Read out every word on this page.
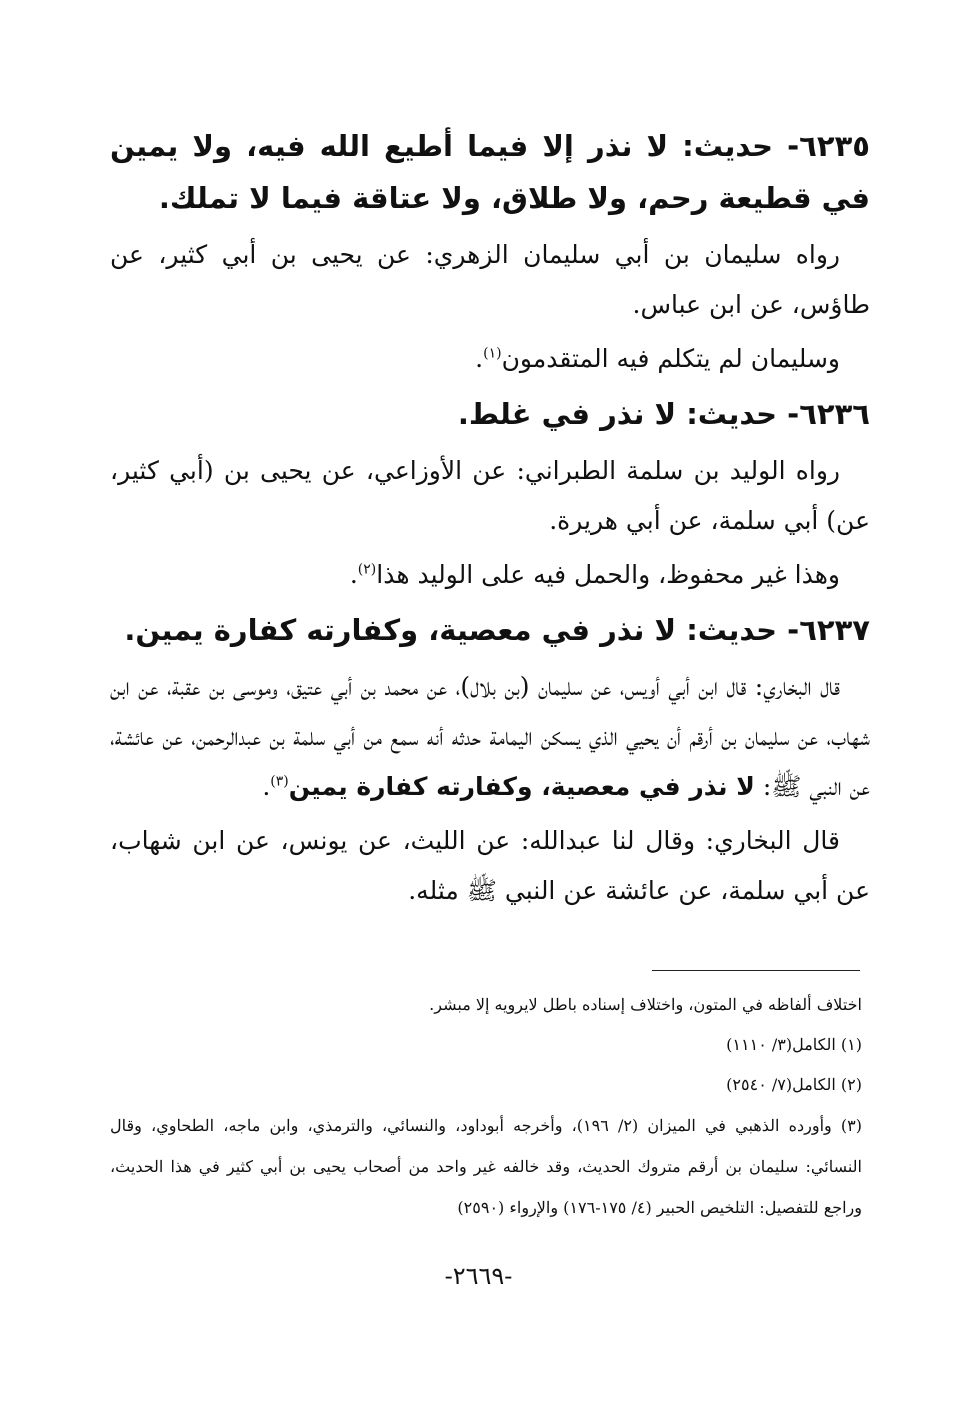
٦٢٣٥- حديث: لا نذر إلا فيما أطيع الله فيه، ولا يمين في قطيعة رحم، ولا طلاق، ولا عتاقة فيما لا تملك.

رواه سليمان بن أبي سليمان الزهري: عن يحيى بن أبي كثير، عن طاؤس، عن ابن عباس.

وسليمان لم يتكلم فيه المتقدمون$^{(١)}$.

٦٢٣٦- حديث: لا نذر في غلط.

رواه الوليد بن سلمة الطبراني: عن الأوزاعي، عن يحيى بن (أبي كثير، عن) أبي سلمة، عن أبي هريرة.

وهذا غير محفوظ، والحمل فيه على الوليد هذا$^{(٢)}$.

٦٢٣٧- حديث: لا نذر في معصية، وكفارته كفارة يمين.

قال البخاري: قال ابن أبي أويس، عن سليمان (بن بلال)، عن محمد بن أبي عتيق، وموسى بن عقبة، عن ابن شهاب، عن سليمان بن أرقم أن يحيي الذي يسكن اليمامة حدثه أنه سمع من أبي سلمة بن عبدالرحمن، عن عائشة، عن النبي ﷺ: لا نذر في معصية، وكفارته كفارة يمين$^{(٣)}$.

قال البخاري: وقال لنا عبدالله: عن الليث، عن يونس، عن ابن شهاب، عن أبي سلمة، عن عائشة عن النبي ﷺ مثله.

اختلاف ألفاظه في المتون، واختلاف إسناده باطل لايرويه إلا مبشر.

(١) الكامل(٣/ ١١١٠)

(٢) الكامل(٧/ ٢٥٤٠)

(٣) وأورده الذهبي في الميزان (٢/ ١٩٦)، وأخرجه أبوداود، والنسائي، والترمذي، وابن ماجه، الطحاوي، وقال النسائي: سليمان بن أرقم متروك الحديث، وقد خالفه غير واحد من أصحاب يحيى بن أبي كثير في هذا الحديث، وراجع للتفصيل: التلخيص الحبير (٤/ ١٧٥-١٧٦) والإرواء (٢٥٩٠)

-٢٦٦٩-
